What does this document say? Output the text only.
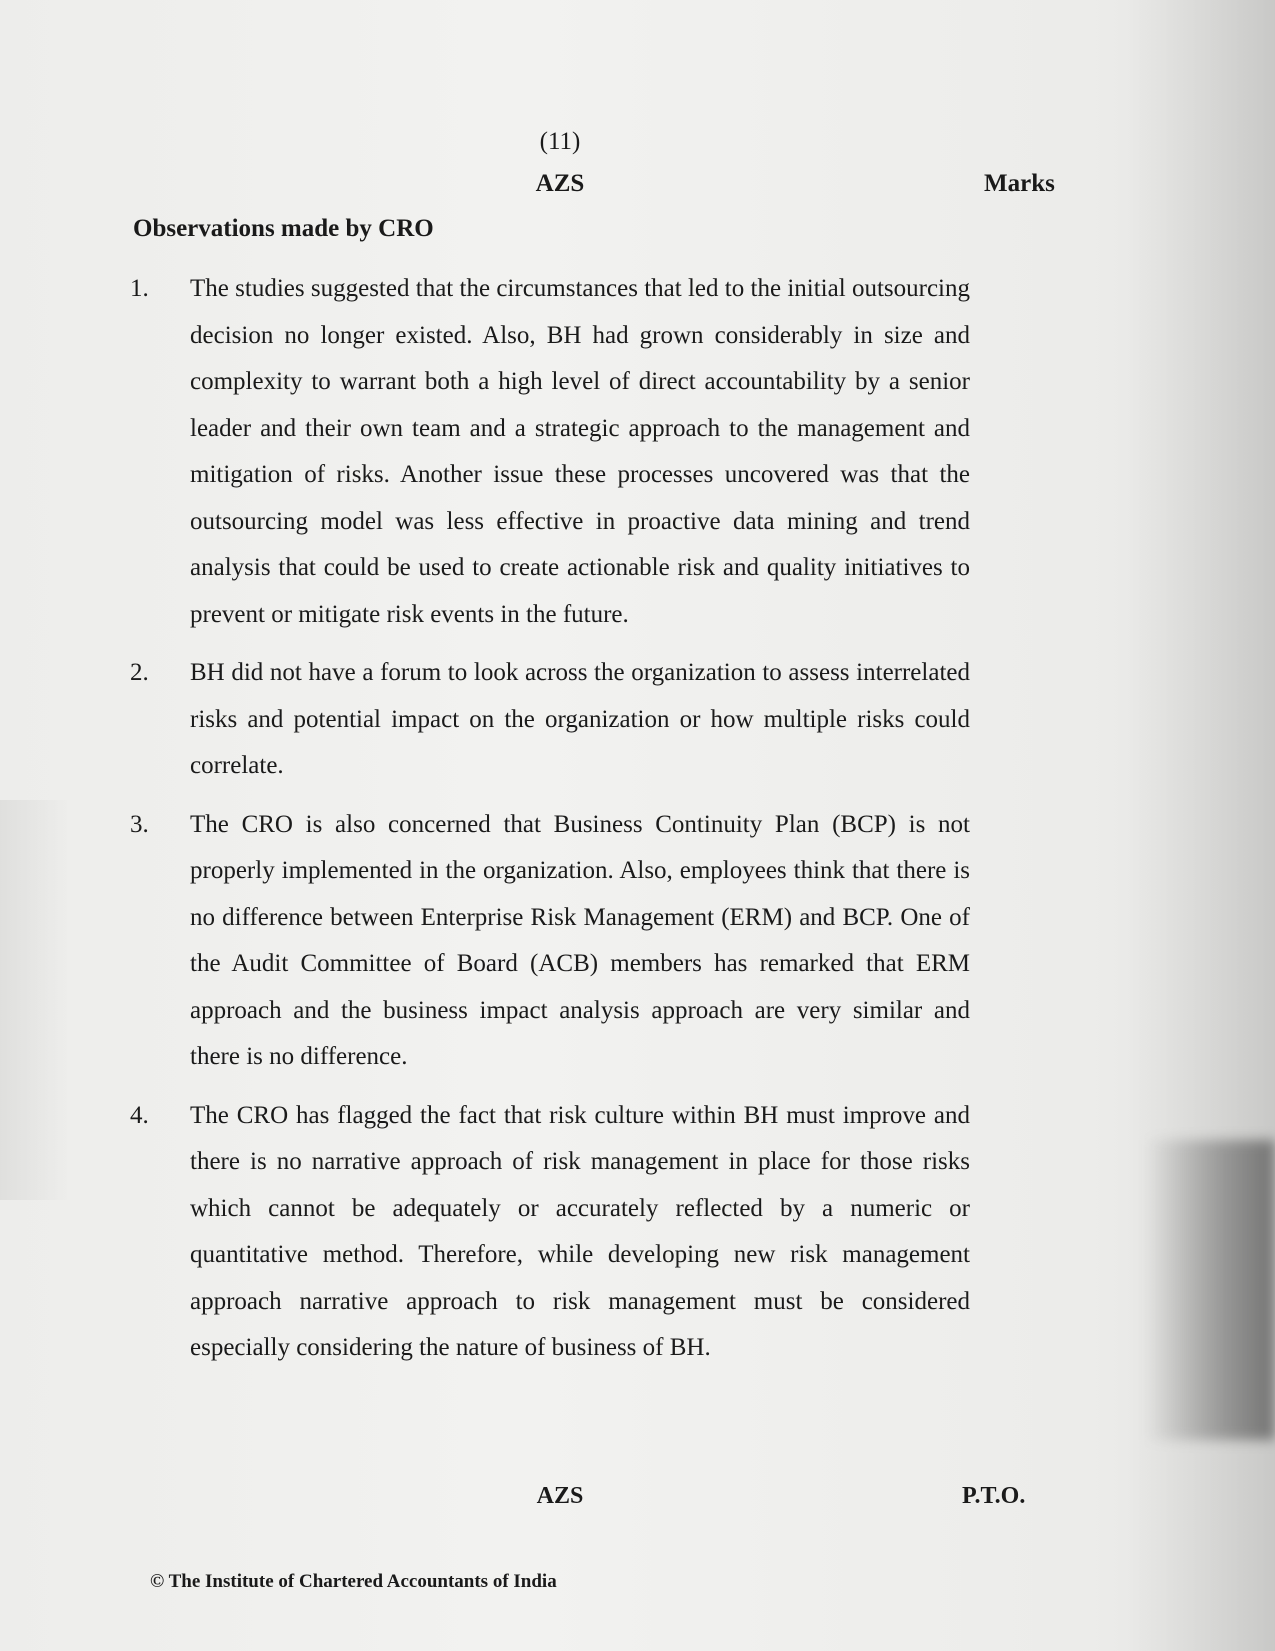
(11)
AZS	Marks
Observations made by CRO
1.	The studies suggested that the circumstances that led to the initial outsourcing decision no longer existed. Also, BH had grown considerably in size and complexity to warrant both a high level of direct accountability by a senior leader and their own team and a strategic approach to the management and mitigation of risks. Another issue these processes uncovered was that the outsourcing model was less effective in proactive data mining and trend analysis that could be used to create actionable risk and quality initiatives to prevent or mitigate risk events in the future.
2.	BH did not have a forum to look across the organization to assess interrelated risks and potential impact on the organization or how multiple risks could correlate.
3.	The CRO is also concerned that Business Continuity Plan (BCP) is not properly implemented in the organization. Also, employees think that there is no difference between Enterprise Risk Management (ERM) and BCP. One of the Audit Committee of Board (ACB) members has remarked that ERM approach and the business impact analysis approach are very similar and there is no difference.
4.	The CRO has flagged the fact that risk culture within BH must improve and there is no narrative approach of risk management in place for those risks which cannot be adequately or accurately reflected by a numeric or quantitative method. Therefore, while developing new risk management approach narrative approach to risk management must be considered especially considering the nature of business of BH.
AZS	P.T.O.
© The Institute of Chartered Accountants of India
